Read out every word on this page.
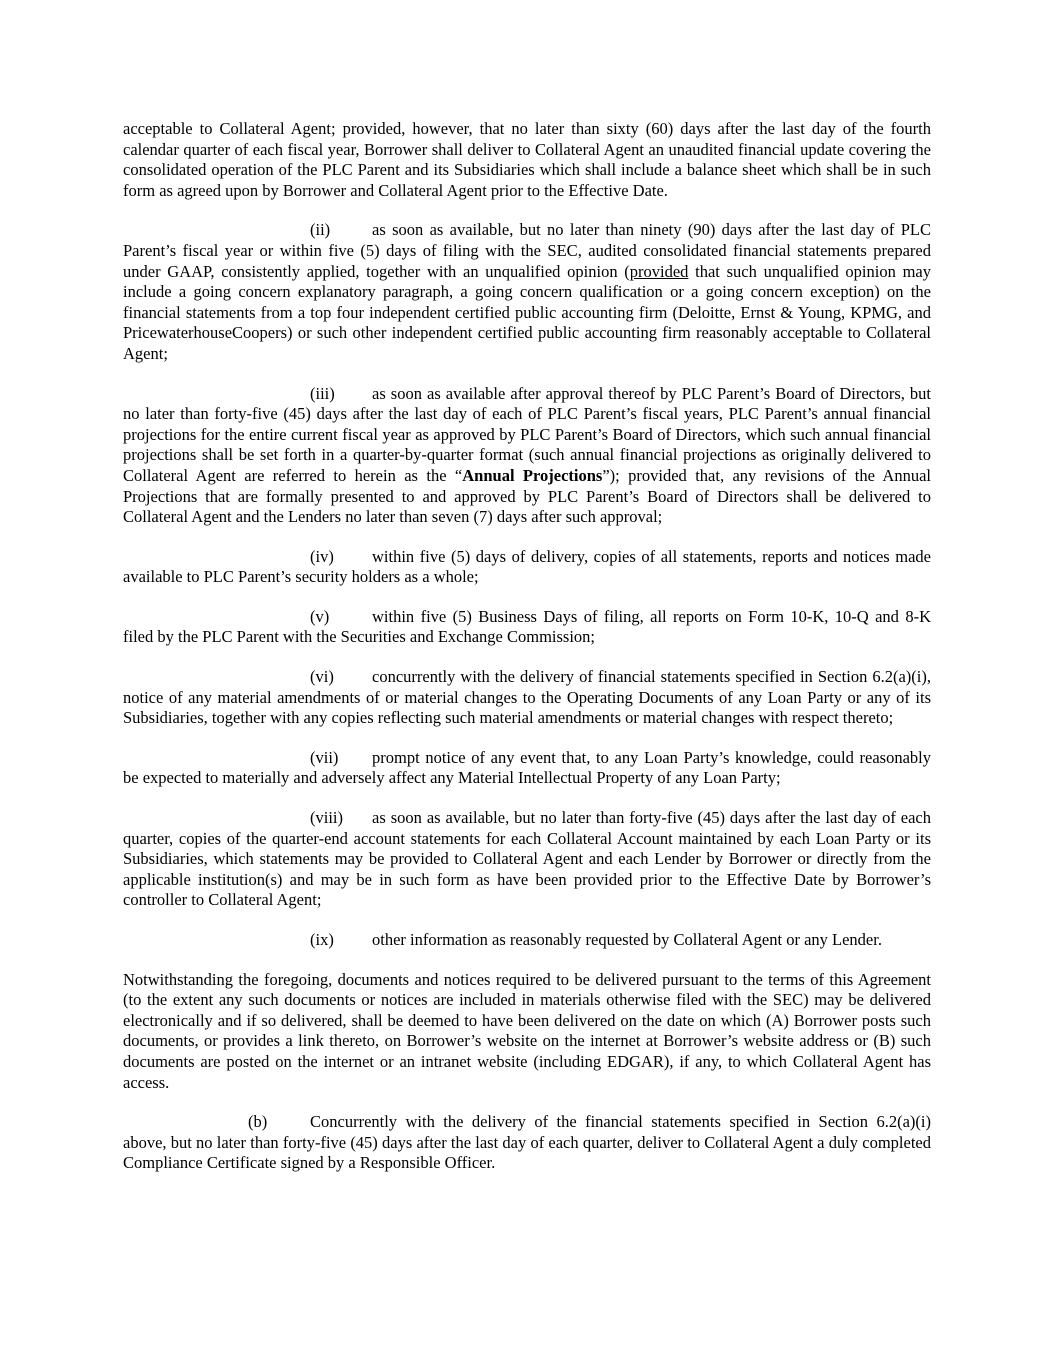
acceptable to Collateral Agent; provided, however, that no later than sixty (60) days after the last day of the fourth calendar quarter of each fiscal year, Borrower shall deliver to Collateral Agent an unaudited financial update covering the consolidated operation of the PLC Parent and its Subsidiaries which shall include a balance sheet which shall be in such form as agreed upon by Borrower and Collateral Agent prior to the Effective Date.

(ii)	as soon as available, but no later than ninety (90) days after the last day of PLC Parent’s fiscal year or within five (5) days of filing with the SEC, audited consolidated financial statements prepared under GAAP, consistently applied, together with an unqualified opinion (provided that such unqualified opinion may include a going concern explanatory paragraph, a going concern qualification or a going concern exception) on the financial statements from a top four independent certified public accounting firm (Deloitte, Ernst & Young, KPMG, and PricewaterhouseCoopers) or such other independent certified public accounting firm reasonably acceptable to Collateral Agent;

(iii) as soon as available after approval thereof by PLC Parent’s Board of Directors, but no later than forty-five (45) days after the last day of each of PLC Parent’s fiscal years, PLC Parent’s annual financial projections for the entire current fiscal year as approved by PLC Parent’s Board of Directors, which such annual financial projections shall be set forth in a quarter-by-quarter format (such annual financial projections as originally delivered to Collateral Agent are referred to herein as the “Annual Projections”); provided that, any revisions of the Annual Projections that are formally presented to and approved by PLC Parent’s Board of Directors shall be delivered to Collateral Agent and the Lenders no later than seven (7) days after such approval;

(iv) within five (5) days of delivery, copies of all statements, reports and notices made available to PLC Parent’s security holders as a whole;

(v)	within five (5) Business Days of filing, all reports on Form 10-K, 10-Q and 8-K filed by the PLC Parent with the Securities and Exchange Commission;

(vi) concurrently with the delivery of financial statements specified in Section 6.2(a)(i), notice of any material amendments of or material changes to the Operating Documents of any Loan Party or any of its Subsidiaries, together with any copies reflecting such material amendments or material changes with respect thereto;

(vii) prompt notice of any event that, to any Loan Party’s knowledge, could reasonably be expected to materially and adversely affect any Material Intellectual Property of any Loan Party;

(viii) as soon as available, but no later than forty-five (45) days after the last day of each quarter, copies of the quarter-end account statements for each Collateral Account maintained by each Loan Party or its Subsidiaries, which statements may be provided to Collateral Agent and each Lender by Borrower or directly from the applicable institution(s) and may be in such form as have been provided prior to the Effective Date by Borrower’s controller to Collateral Agent;

(ix) other information as reasonably requested by Collateral Agent or any Lender.

Notwithstanding the foregoing, documents and notices required to be delivered pursuant to the terms of this Agreement (to the extent any such documents or notices are included in materials otherwise filed with the SEC) may be delivered electronically and if so delivered, shall be deemed to have been delivered on the date on which (A) Borrower posts such documents, or provides a link thereto, on Borrower’s website on the internet at Borrower’s website address or (B) such documents are posted on the internet or an intranet website (including EDGAR), if any, to which Collateral Agent has access.

(b)	Concurrently with the delivery of the financial statements specified in Section 6.2(a)(i) above, but no later than forty-five (45) days after the last day of each quarter, deliver to Collateral Agent a duly completed Compliance Certificate signed by a Responsible Officer.
